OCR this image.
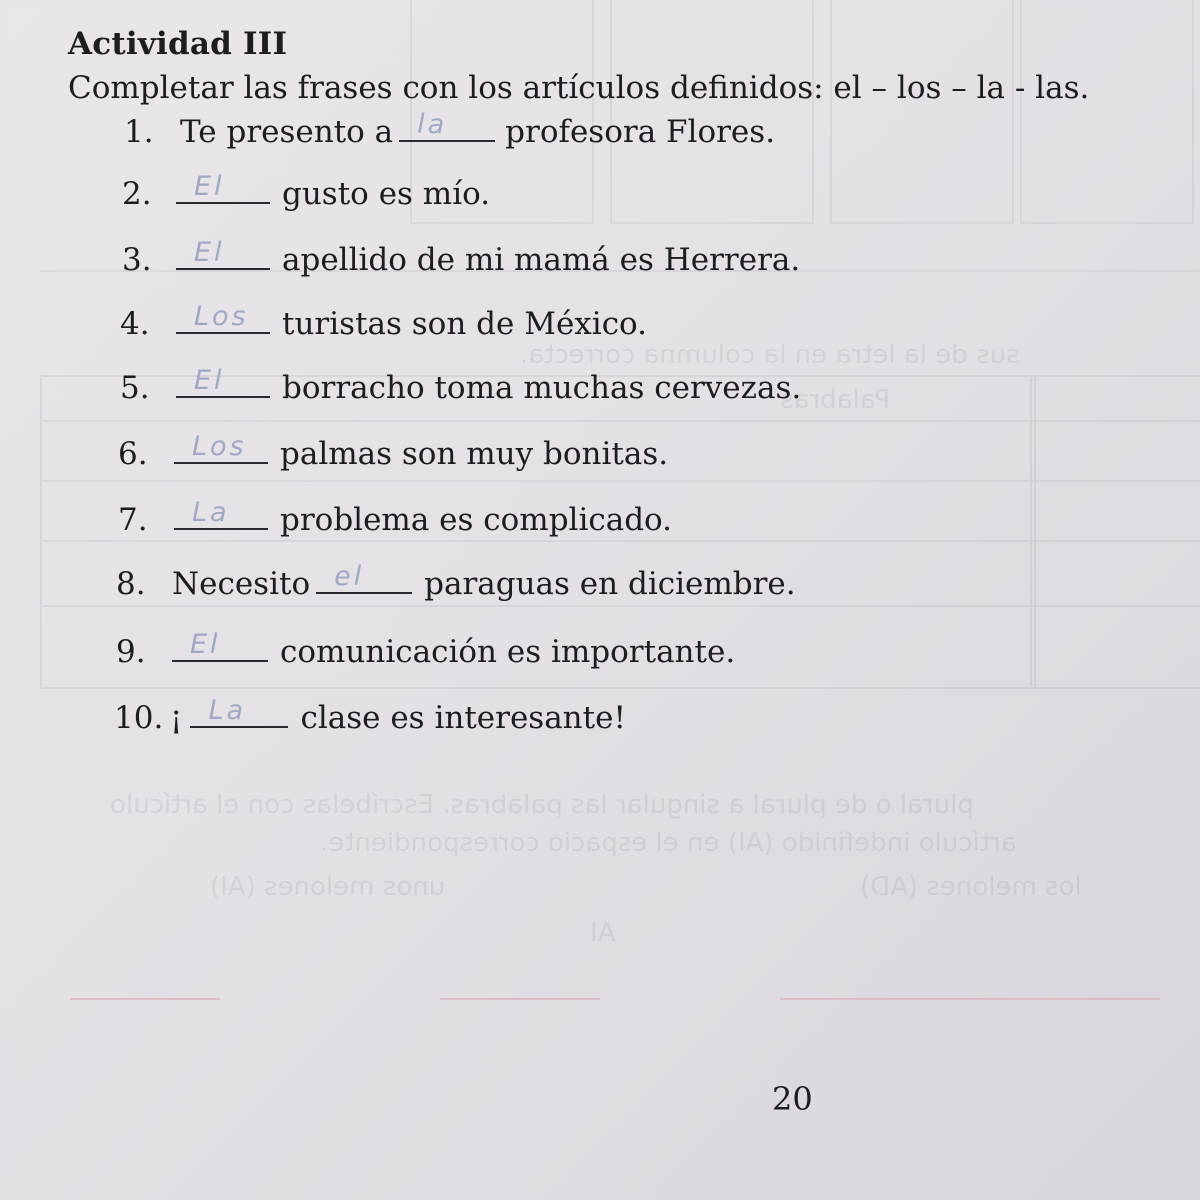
sus de la letra en la columna correcta.
Palabras
plural o de plural a singular las palabras. Escríbelas con el artículo
artículo indefinido (AI) en el espacio correspondiente.
unos melones (AI)	los melones (AD)
AI
Actividad III
Completar las frases con los artículos definidos: el – los – la - las.
1. Te presento a la profesora Flores.
2.	El gusto es mío.
3.	El apellido de mi mamá es Herrera.
4.	Los turistas son de México.
5.	El borracho toma muchas cervezas.
6.	Los palmas son muy bonitas.
7.	La problema es complicado.
8. Necesito el paraguas en diciembre.
9.	El comunicación es importante.
10. ¡ La clase es interesante!
20
